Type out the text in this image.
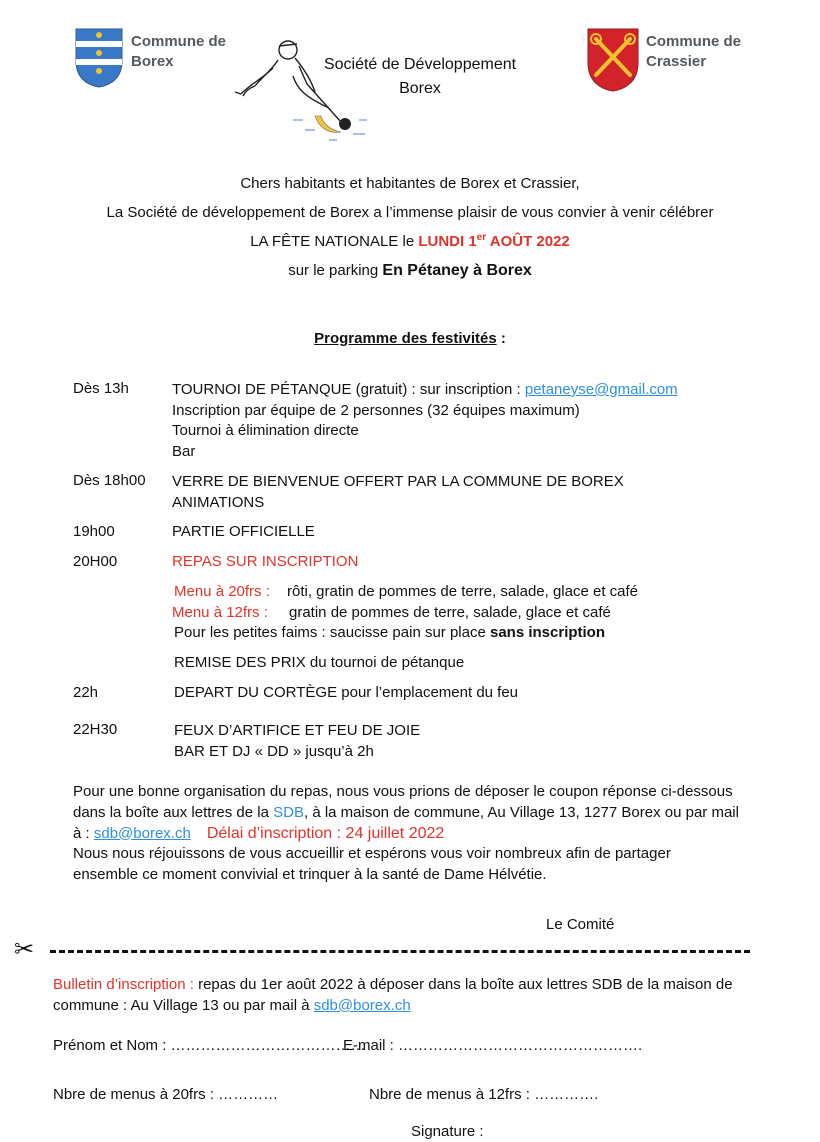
Commune de
Borex	Société de Développement
Borex
Commune de
Crassier
Chers habitants et habitantes de Borex et Crassier,
La Société de développement de Borex a l’immense plaisir de vous convier à venir célébrer
LA FÊTE NATIONALE le LUNDI 1er AOÛT 2022
sur le parking En Pétaney à Borex
Programme des festivités :
Dès 13h	TOURNOI DE PÉTANQUE (gratuit) : sur inscription : petaneyse@gmail.com
Inscription par équipe de 2 personnes (32 équipes maximum)
Tournoi à élimination directe
Bar
Dès 18h00 VERRE DE BIENVENUE OFFERT PAR LA COMMUNE DE BOREX
ANIMATIONS
19h00	PARTIE OFFICIELLE
20H00	REPAS SUR INSCRIPTION
Menu à 20frs : rôti, gratin de pommes de terre, salade, glace et café
Menu à 12frs : gratin de pommes de terre, salade, glace et café
Pour les petites faims : saucisse pain sur place sans inscription
REMISE DES PRIX du tournoi de pétanque
22h	DEPART DU CORTÈGE pour l’emplacement du feu
22H30	FEUX D’ARTIFICE ET FEU DE JOIE
BAR ET DJ « DD » jusqu’à 2h
Pour une bonne organisation du repas, nous vous prions de déposer le coupon réponse ci-dessous
dans la boîte aux lettres de la SDB, à la maison de commune, Au Village 13, 1277 Borex ou par mail
à : sdb@borex.ch Délai d’inscription : 24 juillet 2022
Nous nous réjouissons de vous accueillir et espérons vous voir nombreux afin de partager
ensemble ce moment convivial et trinquer à la santé de Dame Hélvétie.
Le Comité
✂
Bulletin d’inscription : repas du 1er août 2022 à déposer dans la boîte aux lettres SDB de la maison de
commune : Au Village 13 ou par mail à sdb@borex.ch
Prénom et Nom : …………………………………
E-mail : ………………………………………….
Nbre de menus à 20frs : …………	Nbre de menus à 12frs : ………….
Signature :
